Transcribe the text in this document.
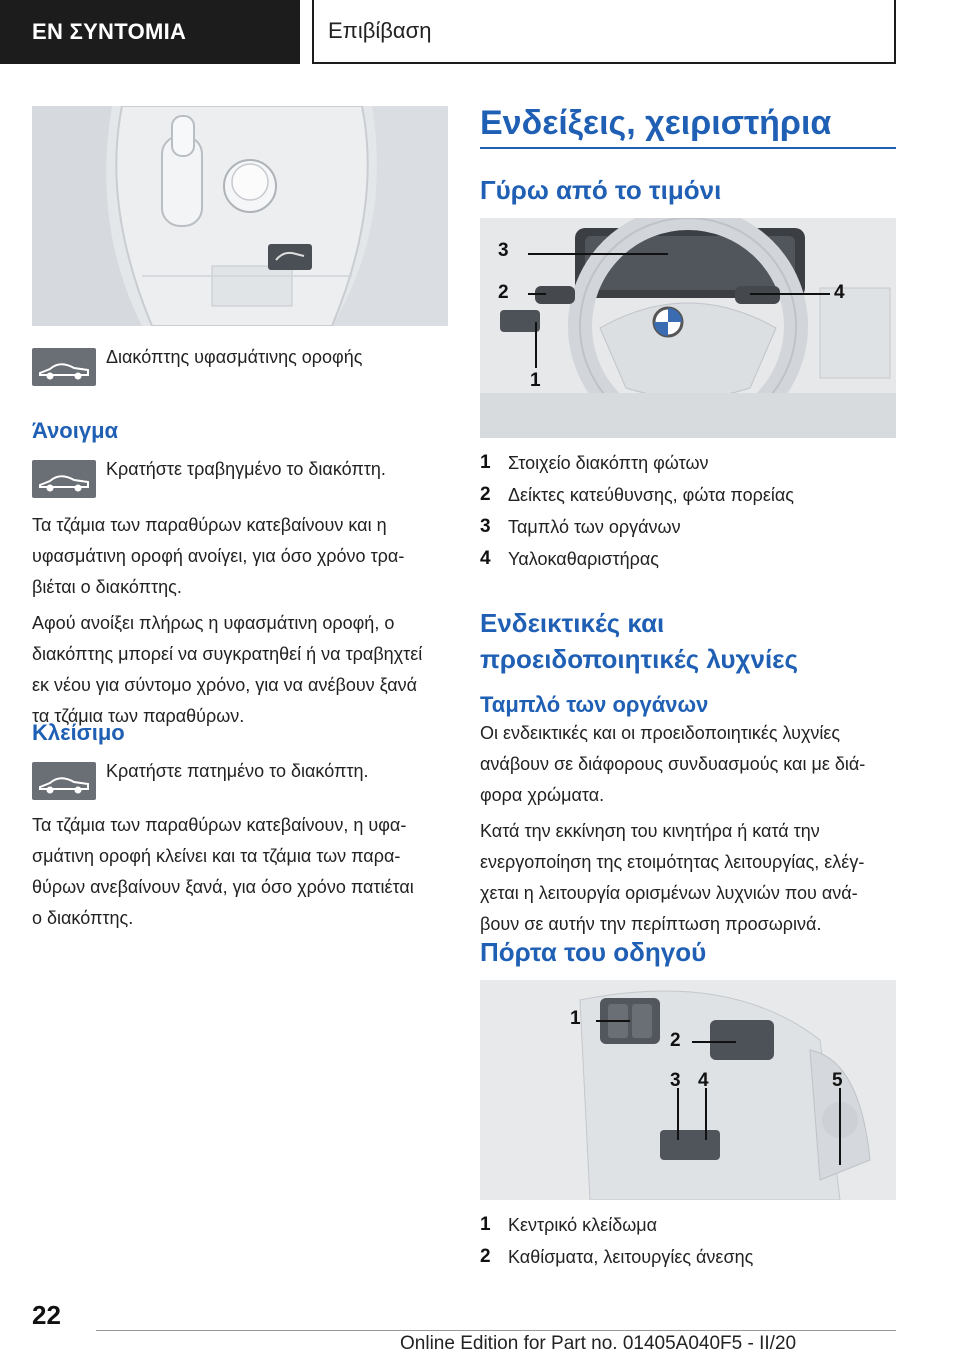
EN ΣΥΝΤΟΜΙΑ	Επιβίβαση
Διακόπτης υφασμάτινης οροφής
Άνοιγμα
Κρατήστε τραβηγμένο το διακόπτη.
Τα τζάμια των παραθύρων κατεβαίνουν και η
υφασμάτινη οροφή ανοίγει, για όσο χρόνο τρα-
βιέται ο διακόπτης.
Αφού ανοίξει πλήρως η υφασμάτινη οροφή, ο
διακόπτης μπορεί να συγκρατηθεί ή να τραβηχτεί
εκ νέου για σύντομο χρόνο, για να ανέβουν ξανά
τα τζάμια των παραθύρων.
Κλείσιμο
Κρατήστε πατημένο το διακόπτη.
Τα τζάμια των παραθύρων κατεβαίνουν, η υφα-
σμάτινη οροφή κλείνει και τα τζάμια των παρα-
θύρων ανεβαίνουν ξανά, για όσο χρόνο πατιέται
ο διακόπτης.
Ενδείξεις, χειριστήρια
Γύρω από το τιμόνι
3
2	4
1
1 Στοιχείο διακόπτη φώτων
2 Δείκτες κατεύθυνσης, φώτα πορείας
3 Ταμπλό των οργάνων
4 Υαλοκαθαριστήρας
Ενδεικτικές και
προειδοποιητικές λυχνίες
Ταμπλό των οργάνων
Οι ενδεικτικές και οι προειδοποιητικές λυχνίες
ανάβουν σε διάφορους συνδυασμούς και με διά-
φορα χρώματα.
Κατά την εκκίνηση του κινητήρα ή κατά την
ενεργοποίηση της ετοιμότητας λειτουργίας, ελέγ-
χεται η λειτουργία ορισμένων λυχνιών που ανά-
βουν σε αυτήν την περίπτωση προσωρινά.
Πόρτα του οδηγού
1
2
3 4	5
1 Κεντρικό κλείδωμα
2 Καθίσματα, λειτουργίες άνεσης
22
Online Edition for Part no. 01405A040F5 - II/20
